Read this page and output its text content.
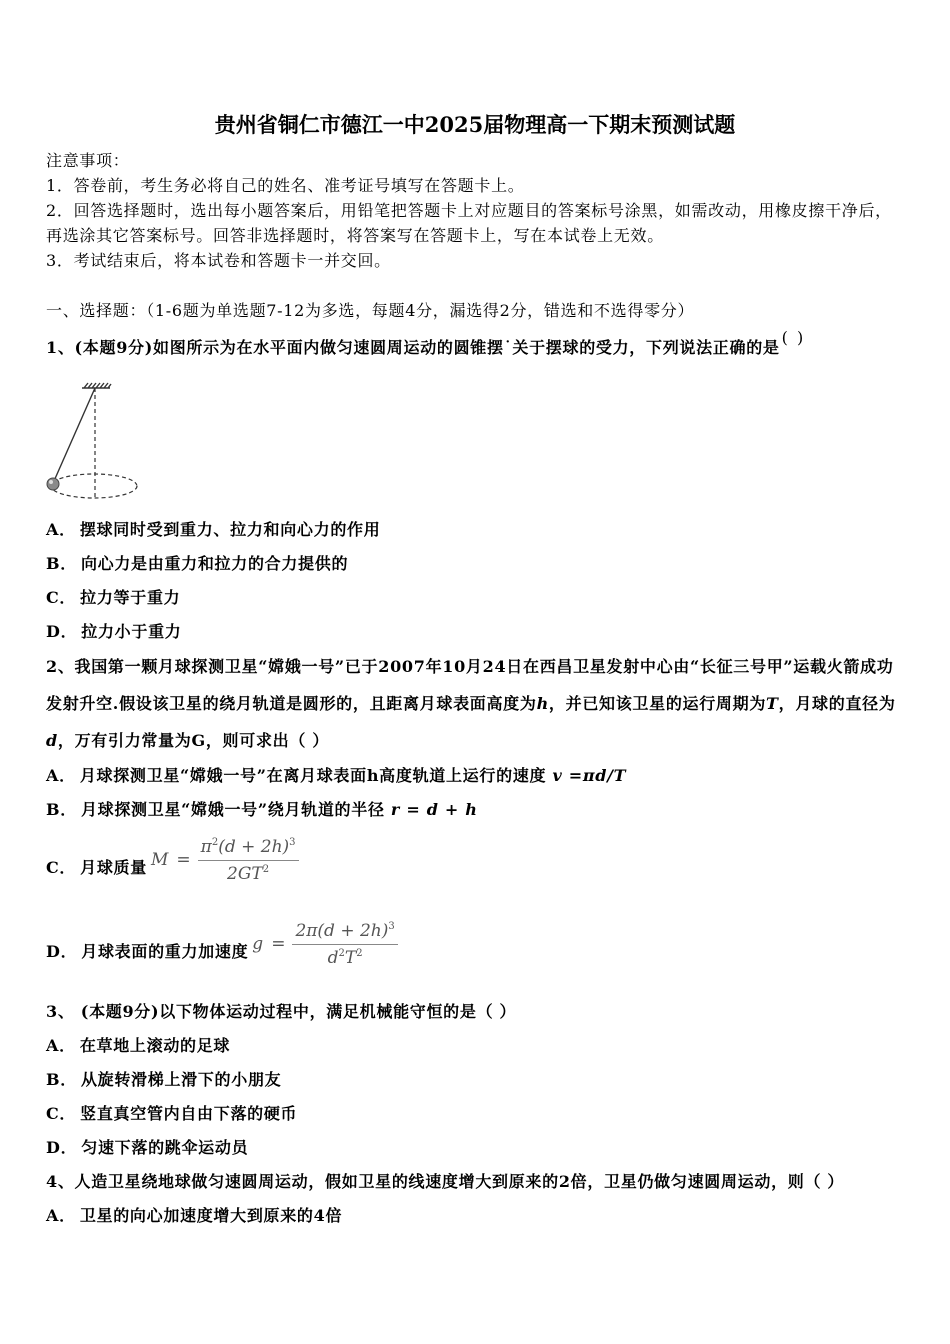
贵州省铜仁市德江一中2025届物理高一下期末预测试题
注意事项：
1．答卷前，考生务必将自己的姓名、准考证号填写在答题卡上。
2．回答选择题时，选出每小题答案后，用铅笔把答题卡上对应题目的答案标号涂黑，如需改动，用橡皮擦干净后，
再选涂其它答案标号。回答非选择题时，将答案写在答题卡上，写在本试卷上无效。
3．考试结束后，将本试卷和答题卡一并交回。
一、选择题：（1-6题为单选题7-12为多选，每题4分，漏选得2分，错选和不选得零分）
1、(本题9分)如图所示为在水平面内做匀速圆周运动的圆锥摆˙关于摆球的受力，下列说法正确的是( )
A． 摆球同时受到重力、拉力和向心力的作用
B． 向心力是由重力和拉力的合力提供的
C． 拉力等于重力
D． 拉力小于重力
2、我国第一颗月球探测卫星“嫦娥一号”已于2007年10月24日在西昌卫星发射中心由“长征三号甲”运载火箭成功
发射升空.假设该卫星的绕月轨道是圆形的，且距离月球表面高度为h，并已知该卫星的运行周期为T，月球的直径为
d，万有引力常量为G，则可求出（ ）
A． 月球探测卫星“嫦娥一号”在离月球表面h高度轨道上运行的速度 v =πd/T
B． 月球探测卫星“嫦娥一号”绕月轨道的半径 r = d + h
C． 月球质量 $M = \frac{\pi^2(d + 2h)^3}{2GT^2}$
D． 月球表面的重力加速度 $g = \frac{2\pi(d + 2h)^3}{d^2T^2}$
3、 (本题9分)以下物体运动过程中，满足机械能守恒的是（ ）
A． 在草地上滚动的足球
B． 从旋转滑梯上滑下的小朋友
C． 竖直真空管内自由下落的硬币
D． 匀速下落的跳伞运动员
4、人造卫星绕地球做匀速圆周运动，假如卫星的线速度增大到原来的2倍，卫星仍做匀速圆周运动，则（ ）
A． 卫星的向心加速度增大到原来的4倍
